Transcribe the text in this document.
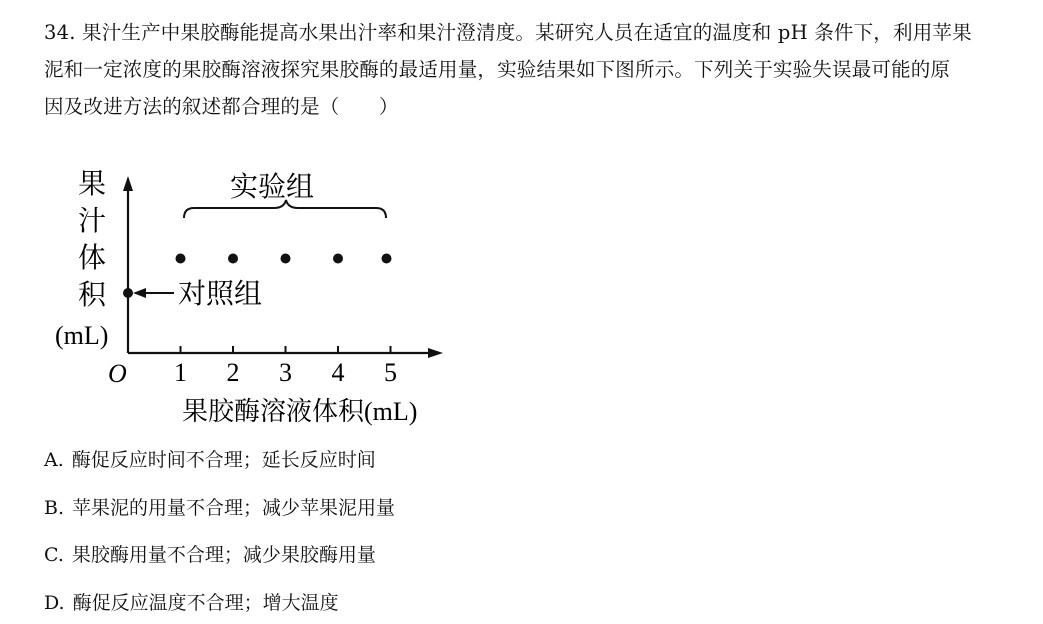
34. 果汁生产中果胶酶能提高水果出汁率和果汁澄清度。某研究人员在适宜的温度和 pH 条件下，利用苹果
泥和一定浓度的果胶酶溶液探究果胶酶的最适用量，实验结果如下图所示。下列关于实验失误最可能的原
因及改进方法的叙述都合理的是（　　）
果
汁
体
积
(mL)
O 1 2 3 4 5
果胶酶溶液体积(mL)
实验组
对照组
A. 酶促反应时间不合理；延长反应时间
B. 苹果泥的用量不合理；减少苹果泥用量
C. 果胶酶用量不合理；减少果胶酶用量
D. 酶促反应温度不合理；增大温度
